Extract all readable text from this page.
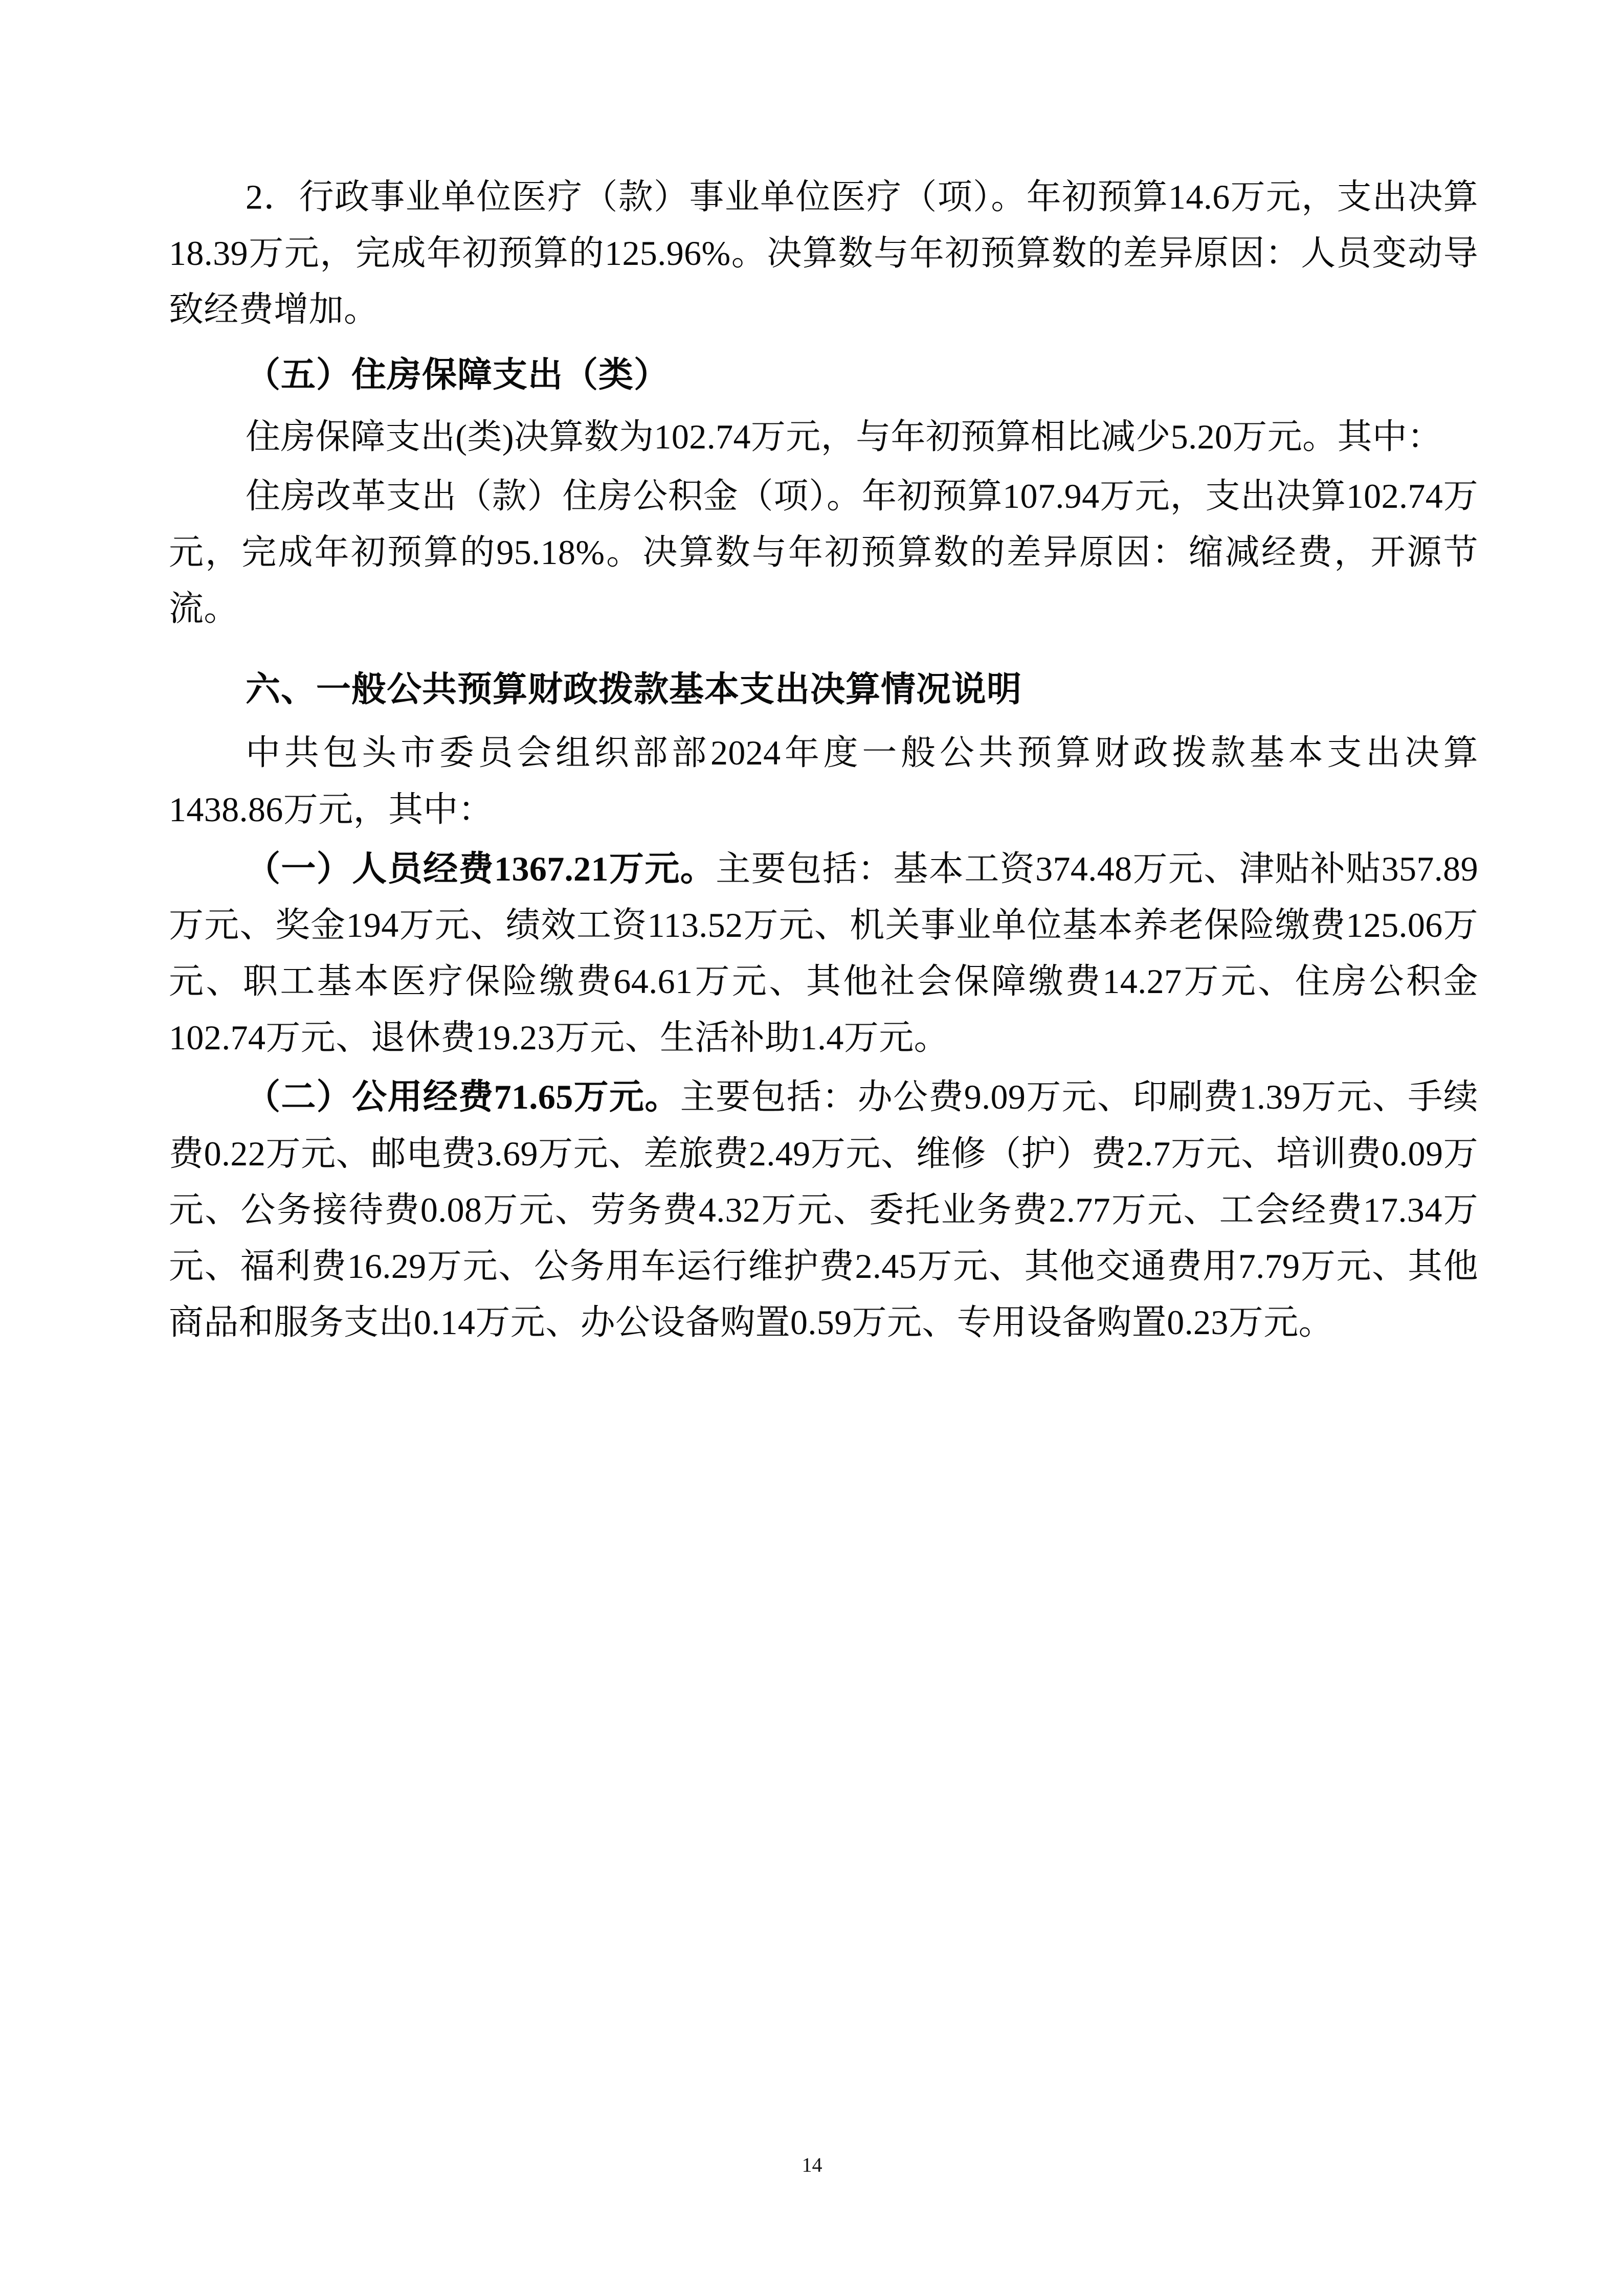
2．行政事业单位医疗（款）事业单位医疗（项）。年初预算14.6万元，支出决算18.39万元，完成年初预算的125.96%。决算数与年初预算数的差异原因：人员变动导致经费增加。

（五）住房保障支出（类）

住房保障支出(类)决算数为102.74万元，与年初预算相比减少5.20万元。其中：

住房改革支出（款）住房公积金（项）。年初预算107.94万元，支出决算102.74万元，完成年初预算的95.18%。决算数与年初预算数的差异原因：缩减经费，开源节流。

六、一般公共预算财政拨款基本支出决算情况说明

中共包头市委员会组织部部2024年度一般公共预算财政拨款基本支出决算1438.86万元，其中：

（一）人员经费1367.21万元。主要包括：基本工资374.48万元、津贴补贴357.89万元、奖金194万元、绩效工资113.52万元、机关事业单位基本养老保险缴费125.06万元、职工基本医疗保险缴费64.61万元、其他社会保障缴费14.27万元、住房公积金102.74万元、退休费19.23万元、生活补助1.4万元。

（二）公用经费71.65万元。主要包括：办公费9.09万元、印刷费1.39万元、手续费0.22万元、邮电费3.69万元、差旅费2.49万元、维修（护）费2.7万元、培训费0.09万元、公务接待费0.08万元、劳务费4.32万元、委托业务费2.77万元、工会经费17.34万元、福利费16.29万元、公务用车运行维护费2.45万元、其他交通费用7.79万元、其他商品和服务支出0.14万元、办公设备购置0.59万元、专用设备购置0.23万元。

14
